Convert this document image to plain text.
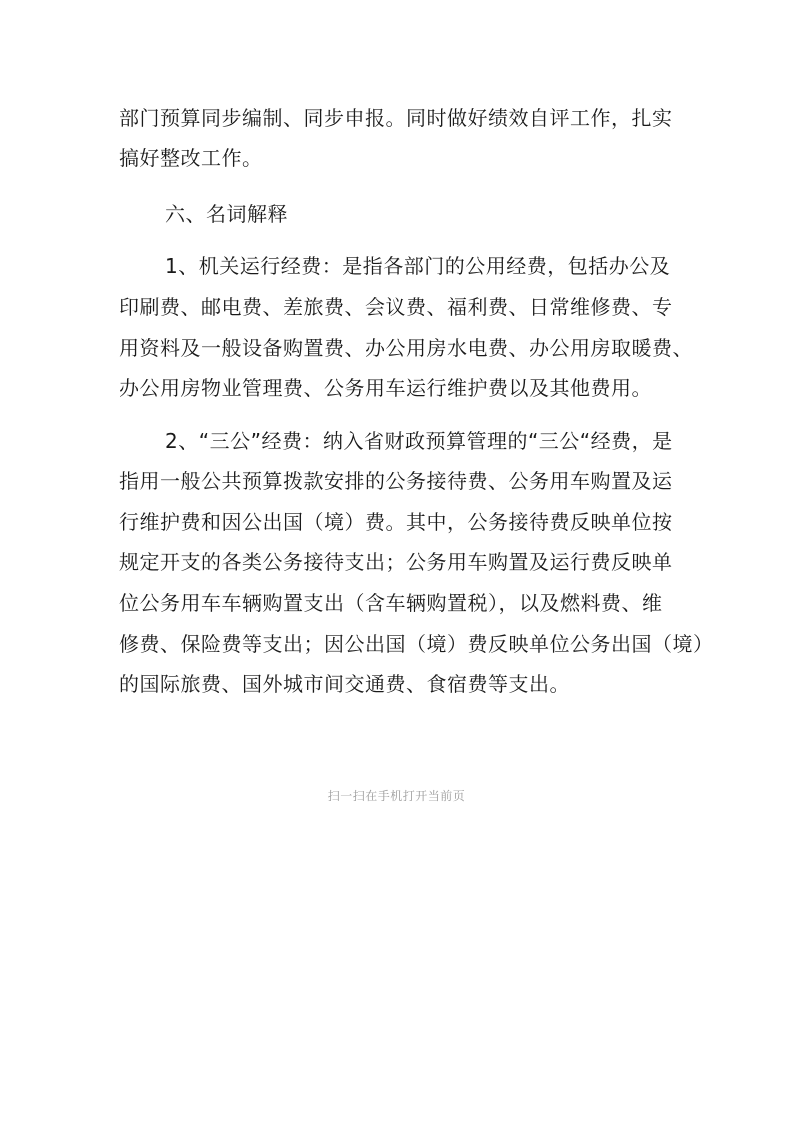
部门预算同步编制、同步申报。同时做好绩效自评工作，扎实
搞好整改工作。
六、名词解释
1、机关运行经费：是指各部门的公用经费，包括办公及
印刷费、邮电费、差旅费、会议费、福利费、日常维修费、专
用资料及一般设备购置费、办公用房水电费、办公用房取暖费、
办公用房物业管理费、公务用车运行维护费以及其他费用。
2、“三公”经费：纳入省财政预算管理的“三公“经费，是
指用一般公共预算拨款安排的公务接待费、公务用车购置及运
行维护费和因公出国（境）费。其中，公务接待费反映单位按
规定开支的各类公务接待支出；公务用车购置及运行费反映单
位公务用车车辆购置支出（含车辆购置税），以及燃料费、维
修费、保险费等支出；因公出国（境）费反映单位公务出国（境）
的国际旅费、国外城市间交通费、食宿费等支出。
扫一扫在手机打开当前页
